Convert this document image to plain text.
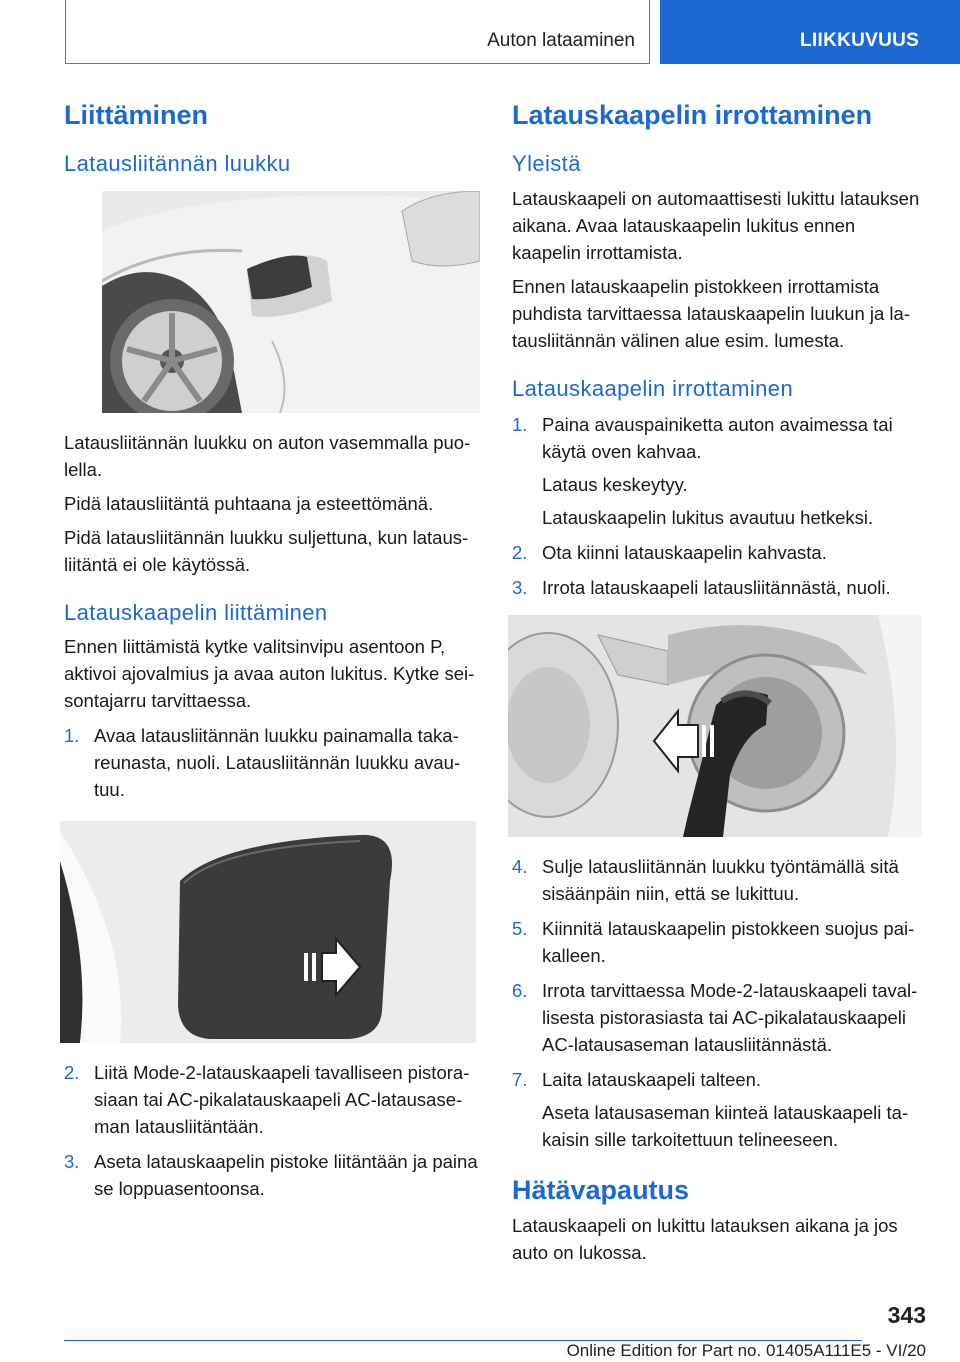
Auton lataaminen	LIIKKUVUUS
Liittäminen
Latausliitännän luukku

Latausliitännän luukku on auton vasemmalla puolella.

Pidä latausliitäntä puhtaana ja esteettömänä.

Pidä latausliitännän luukku suljettuna, kun latausliitäntä ei ole käytössä.

Latauskaapelin liittäminen

Ennen liittämistä kytke valitsinvipu asentoon P, aktivoi ajovalmius ja avaa auton lukitus. Kytke seisontajarru tarvittaessa.

1. Avaa latausliitännän luukku painamalla takareunasta, nuoli. Latausliitännän luukku avautuu.
2. Liitä Mode-2-latauskaapeli tavalliseen pistorasiaan tai AC-pikalatauskaapeli AC-latausaseman latausliitäntään.
3. Aseta latauskaapelin pistoke liitäntään ja paina se loppuasentoonsa.
Latauskaapelin irrottaminen
Yleistä

Latauskaapeli on automaattisesti lukittu latauksen aikana. Avaa latauskaapelin lukitus ennen kaapelin irrottamista.

Ennen latauskaapelin pistokkeen irrottamista puhdista tarvittaessa latauskaapelin luukun ja latausliitännän välinen alue esim. lumesta.

Latauskaapelin irrottaminen
1. Paina avauspainiketta auton avaimessa tai käytä oven kahvaa.
Lataus keskeytyy.
Latauskaapelin lukitus avautuu hetkeksi.
2. Ota kiinni latauskaapelin kahvasta.
3. Irrota latauskaapeli latausliitännästä, nuoli.
4. Sulje latausliitännän luukku työntämällä sitä sisäänpäin niin, että se lukittuu.
5. Kiinnitä latauskaapelin pistokkeen suojus paikalleen.
6. Irrota tarvittaessa Mode-2-latauskaapeli tavallisesta pistorasiasta tai AC-pikalatauskaapeli AC-latausaseman latausliitännästä.
7. Laita latauskaapeli talteen.
Aseta latausaseman kiinteä latauskaapeli takaisin sille tarkoitettuun telineeseen.
Hätävapautus

Latauskaapeli on lukittu latauksen aikana ja jos auto on lukossa.

343
Online Edition for Part no. 01405A111E5 - VI/20
